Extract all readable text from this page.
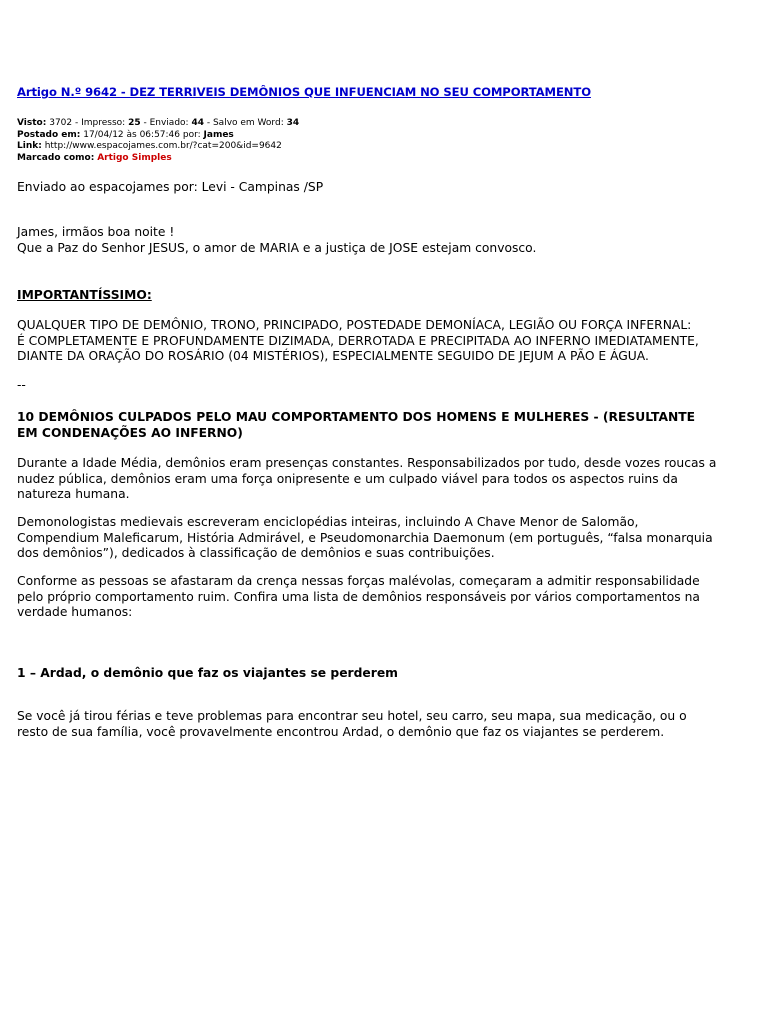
Artigo N.º 9642 - DEZ TERRIVEIS DEMÔNIOS QUE INFUENCIAM NO SEU COMPORTAMENTO
Visto: 3702 - Impresso: 25 - Enviado: 44 - Salvo em Word: 34
Postado em: 17/04/12 às 06:57:46 por: James
Link: http://www.espacojames.com.br/?cat=200&id=9642
Marcado como: Artigo Simples
Enviado ao espacojames por: Levi - Campinas /SP
James, irmãos boa noite !
Que a Paz do Senhor JESUS, o amor de MARIA e a justiça de JOSE estejam convosco.
IMPORTANTÍSSIMO:
QUALQUER TIPO DE DEMÔNIO, TRONO, PRINCIPADO, POSTEDADE DEMONÍACA, LEGIÃO OU FORÇA INFERNAL:
É COMPLETAMENTE E PROFUNDAMENTE DIZIMADA, DERROTADA E PRECIPITADA AO INFERNO IMEDIATAMENTE,
DIANTE DA ORAÇÃO DO ROSÁRIO (04 MISTÉRIOS), ESPECIALMENTE SEGUIDO DE JEJUM A PÃO E ÁGUA.
--
10 DEMÔNIOS CULPADOS PELO MAU COMPORTAMENTO DOS HOMENS E MULHERES - (RESULTANTE
EM CONDENAÇÕES AO INFERNO)
Durante a Idade Média, demônios eram presenças constantes. Responsabilizados por tudo, desde vozes roucas a
nudez pública, demônios eram uma força onipresente e um culpado viável para todos os aspectos ruins da
natureza humana.
Demonologistas medievais escreveram enciclopédias inteiras, incluindo A Chave Menor de Salomão,
Compendium Maleficarum, História Admirável, e Pseudomonarchia Daemonum (em português, “falsa monarquia
dos demônios”), dedicados à classificação de demônios e suas contribuições.
Conforme as pessoas se afastaram da crença nessas forças malévolas, começaram a admitir responsabilidade
pelo próprio comportamento ruim. Confira uma lista de demônios responsáveis por vários comportamentos na
verdade humanos:
1 – Ardad, o demônio que faz os viajantes se perderem
Se você já tirou férias e teve problemas para encontrar seu hotel, seu carro, seu mapa, sua medicação, ou o
resto de sua família, você provavelmente encontrou Ardad, o demônio que faz os viajantes se perderem.
